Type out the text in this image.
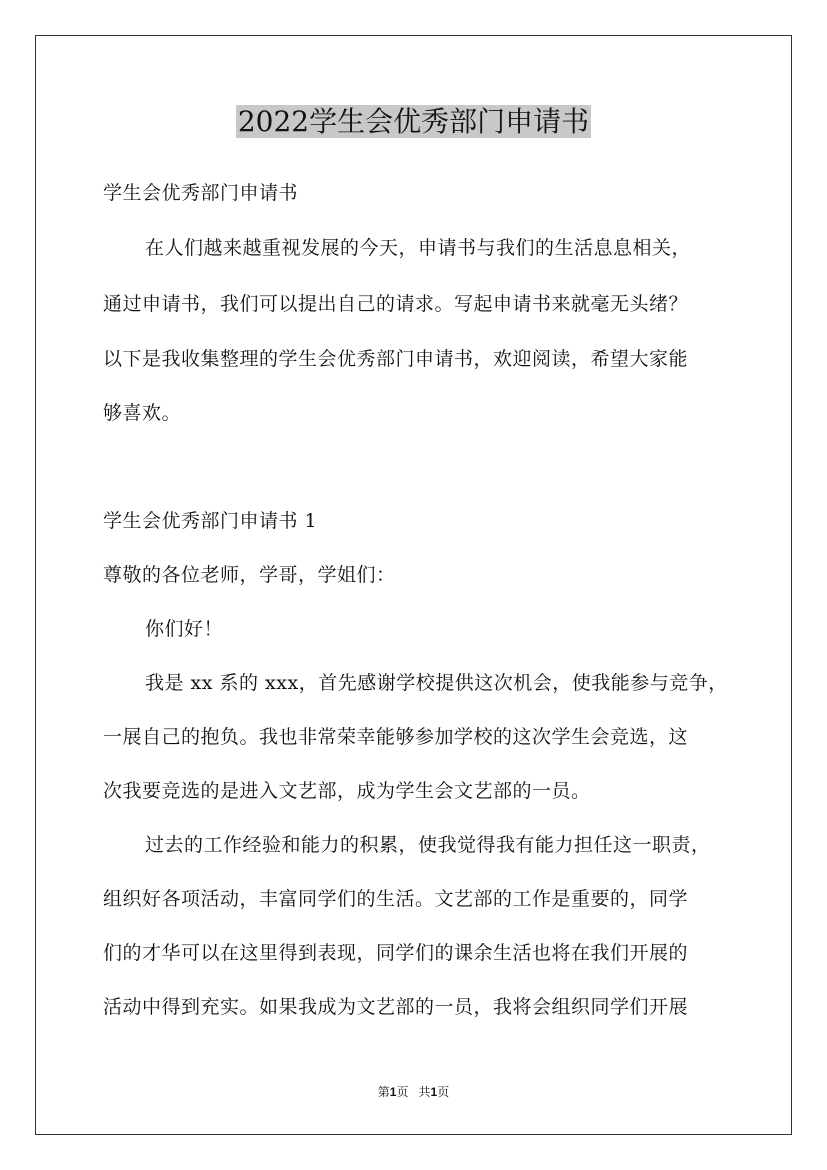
2022学生会优秀部门申请书
学生会优秀部门申请书
在人们越来越重视发展的今天，申请书与我们的生活息息相关，
通过申请书，我们可以提出自己的请求。写起申请书来就毫无头绪？
以下是我收集整理的学生会优秀部门申请书，欢迎阅读，希望大家能
够喜欢。
学生会优秀部门申请书 1
尊敬的各位老师，学哥，学姐们：
你们好！
我是 xx 系的 xxx，首先感谢学校提供这次机会，使我能参与竞争，
一展自己的抱负。我也非常荣幸能够参加学校的这次学生会竞选，这
次我要竞选的是进入文艺部，成为学生会文艺部的一员。
过去的工作经验和能力的积累，使我觉得我有能力担任这一职责，
组织好各项活动，丰富同学们的生活。文艺部的工作是重要的，同学
们的才华可以在这里得到表现，同学们的课余生活也将在我们开展的
活动中得到充实。如果我成为文艺部的一员，我将会组织同学们开展
第1页 共1页
